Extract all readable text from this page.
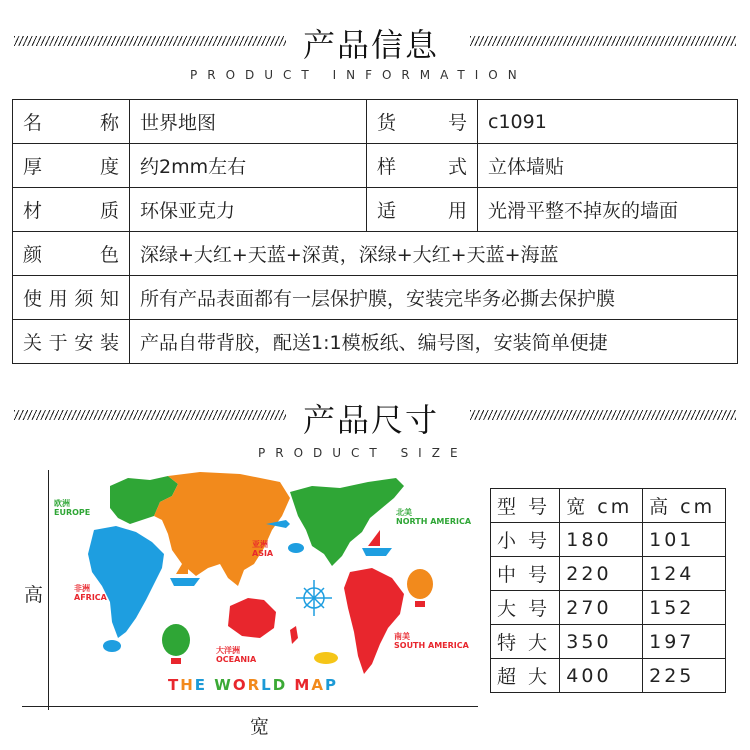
产品信息
PRODUCT INFORMATION
名称	世界地图	货号	c1091
厚度	约2mm左右	样式	立体墙贴
材质	环保亚克力	适用	光滑平整不掉灰的墙面
颜色	深绿+大红+天蓝+深黄，深绿+大红+天蓝+海蓝		
使用须知	所有产品表面都有一层保护膜，安装完毕务必撕去保护膜		
关于安装	产品自带背胶，配送1:1模板纸、编号图，安装简单便捷		
产品尺寸
PRODUCT SIZE
高
宽
欧洲
EUROPE
亚洲
ASIA
非洲
AFRICA
北美
NORTH AMERICA
大洋洲
OCEANIA
南美
SOUTH AMERICA
THE WORLD MAP
型 号	宽 cm	高 cm
小 号	180	101
中 号	220	124
大 号	270	152
特 大	350	197
超 大	400	225
